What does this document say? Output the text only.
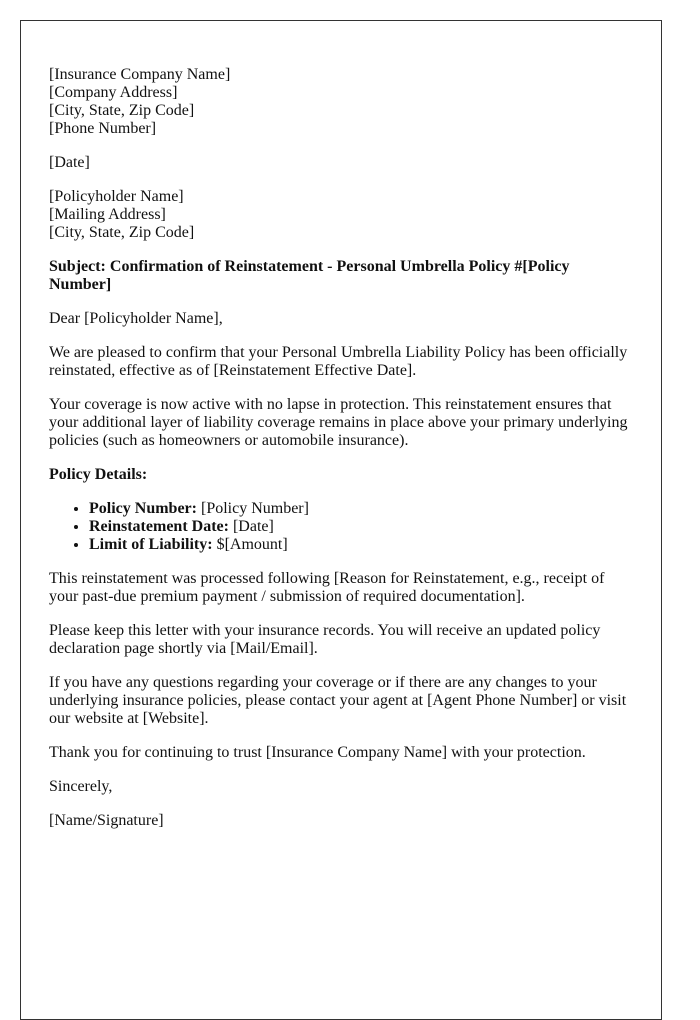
[Insurance Company Name]
[Company Address]
[City, State, Zip Code]
[Phone Number]

[Date]

[Policyholder Name]
[Mailing Address]
[City, State, Zip Code]

Subject: Confirmation of Reinstatement - Personal Umbrella Policy #[Policy Number]

Dear [Policyholder Name],

We are pleased to confirm that your Personal Umbrella Liability Policy has been officially reinstated, effective as of [Reinstatement Effective Date].

Your coverage is now active with no lapse in protection. This reinstatement ensures that your additional layer of liability coverage remains in place above your primary underlying policies (such as homeowners or automobile insurance).

Policy Details:

• Policy Number: [Policy Number]
• Reinstatement Date: [Date]
• Limit of Liability: $[Amount]

This reinstatement was processed following [Reason for Reinstatement, e.g., receipt of your past-due premium payment / submission of required documentation].

Please keep this letter with your insurance records. You will receive an updated policy declaration page shortly via [Mail/Email].

If you have any questions regarding your coverage or if there are any changes to your underlying insurance policies, please contact your agent at [Agent Phone Number] or visit our website at [Website].

Thank you for continuing to trust [Insurance Company Name] with your protection.

Sincerely,

[Name/Signature]
